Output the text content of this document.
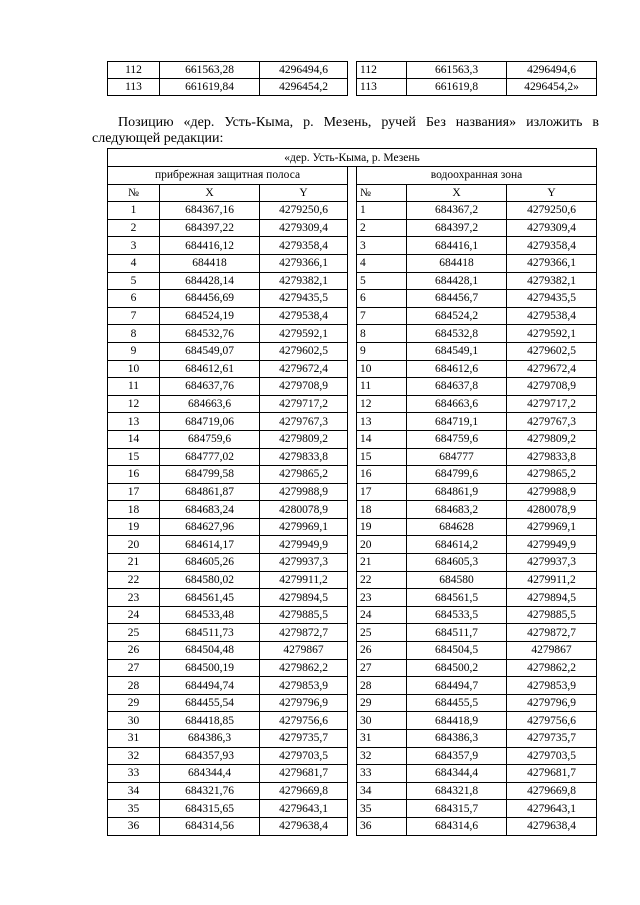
112	661563,28	4296494,6		112	661563,3	4296494,6
113	661619,84	4296454,2		113	661619,8	4296454,2»
Позицию «дер. Усть-Кыма, р. Мезень, ручей Без названия» изложить в
следующей редакции:
«дер. Усть-Кыма, р. Мезень						
прибрежная защитная полоса				водоохранная зона		
№	X	Y		№	X	Y
1	684367,16	4279250,6		1	684367,2	4279250,6
2	684397,22	4279309,4		2	684397,2	4279309,4
3	684416,12	4279358,4		3	684416,1	4279358,4
4	684418	4279366,1		4	684418	4279366,1
5	684428,14	4279382,1		5	684428,1	4279382,1
6	684456,69	4279435,5		6	684456,7	4279435,5
7	684524,19	4279538,4		7	684524,2	4279538,4
8	684532,76	4279592,1		8	684532,8	4279592,1
9	684549,07	4279602,5		9	684549,1	4279602,5
10	684612,61	4279672,4		10	684612,6	4279672,4
11	684637,76	4279708,9		11	684637,8	4279708,9
12	684663,6	4279717,2		12	684663,6	4279717,2
13	684719,06	4279767,3		13	684719,1	4279767,3
14	684759,6	4279809,2		14	684759,6	4279809,2
15	684777,02	4279833,8		15	684777	4279833,8
16	684799,58	4279865,2		16	684799,6	4279865,2
17	684861,87	4279988,9		17	684861,9	4279988,9
18	684683,24	4280078,9		18	684683,2	4280078,9
19	684627,96	4279969,1		19	684628	4279969,1
20	684614,17	4279949,9		20	684614,2	4279949,9
21	684605,26	4279937,3		21	684605,3	4279937,3
22	684580,02	4279911,2		22	684580	4279911,2
23	684561,45	4279894,5		23	684561,5	4279894,5
24	684533,48	4279885,5		24	684533,5	4279885,5
25	684511,73	4279872,7		25	684511,7	4279872,7
26	684504,48	4279867		26	684504,5	4279867
27	684500,19	4279862,2		27	684500,2	4279862,2
28	684494,74	4279853,9		28	684494,7	4279853,9
29	684455,54	4279796,9		29	684455,5	4279796,9
30	684418,85	4279756,6		30	684418,9	4279756,6
31	684386,3	4279735,7		31	684386,3	4279735,7
32	684357,93	4279703,5		32	684357,9	4279703,5
33	684344,4	4279681,7		33	684344,4	4279681,7
34	684321,76	4279669,8		34	684321,8	4279669,8
35	684315,65	4279643,1		35	684315,7	4279643,1
36	684314,56	4279638,4		36	684314,6	4279638,4
